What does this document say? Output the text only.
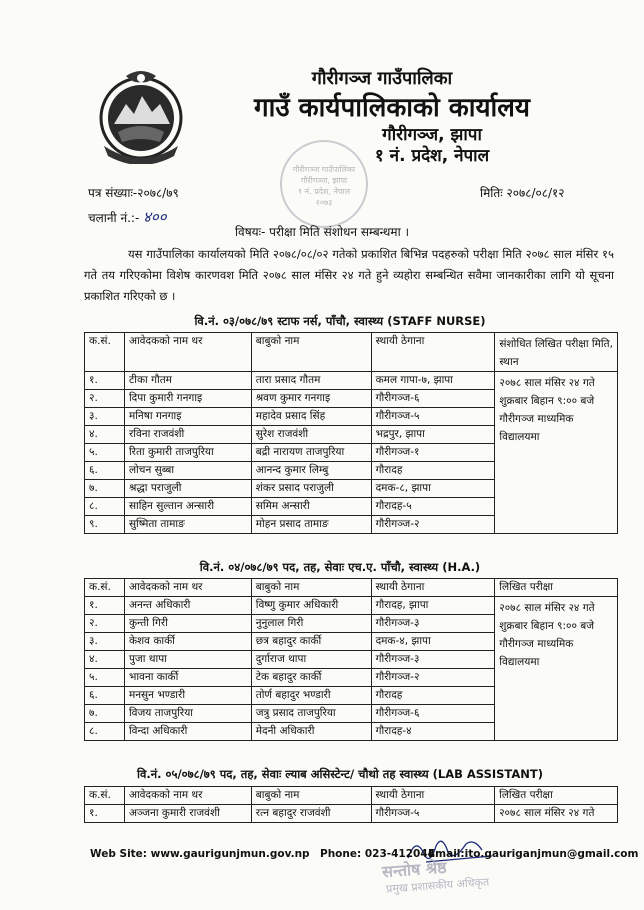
गौरीगञ्ज गाउँपालिका
गाउँ कार्यपालिकाको कार्यालय
गौरीगञ्ज, झापा
१ नं. प्रदेश, नेपाल
गौरीगञ्ज गाउँपालिका
गौरीगञ्ज, झापा
१ नं. प्रदेश, नेपाल
२०७३
पत्र संख्याः-२०७८/७९
चलानी नं.:- ४००
मितिः २०७८/०८/१२
विषयः- परीक्षा मिति संशोधन सम्बन्धमा ।
यस गाउँपालिका कार्यालयको मिति २०७८/०८/०२ गतेको प्रकाशित बिभिन्न पदहरुको परीक्षा मिति २०७८ साल मंसिर १५ गते तय गरिएकोमा विशेष कारणवश मिति २०७८ साल मंसिर २४ गते हुने व्यहोरा सम्बन्धित सवैमा जानकारीका लागि यो सूचना प्रकाशित गरिएको छ ।
वि.नं. ०३/०७८/७९ स्टाफ नर्स, पाँचौ, स्वास्थ्य (STAFF NURSE)
क.सं.	आवेदकको नाम थर	बाबुको नाम	स्थायी ठेगाना	संशोधित लिखित परीक्षा मिति, स्थान
१.	टीका गौतम	तारा प्रसाद गौतम	कमल गापा-७, झापा	२०७८ साल मंसिर २४ गते शुक्रबार बिहान ९:०० बजे गौरीगञ्ज माध्यमिक विद्यालयमा
२.	दिपा कुमारी गनगाइ	श्रवण कुमार गनगाइ	गौरीगञ्ज-६	
३.	मनिषा गनगाइ	महादेव प्रसाद सिंह	गौरीगञ्ज-५	
४.	रविना राजवंशी	सुरेश राजवंशी	भद्रपुर, झापा	
५.	रिता कुमारी ताजपुरिया	बद्री नारायण ताजपुरिया	गौरीगञ्ज-१	
६.	लोचन सुब्बा	आनन्द कुमार लिम्बु	गौरादह	
७.	श्रद्धा पराजुली	शंकर प्रसाद पराजुली	दमक-८, झापा	
८.	साहिन सुल्तान अन्सारी	समिम अन्सारी	गौरादह-५	
९.	सुष्मिता तामाङ	मोहन प्रसाद तामाङ	गौरीगञ्ज-२	
वि.नं. ०४/०७८/७९ पद, तह, सेवाः एच.ए. पाँचौ, स्वास्थ्य (H.A.)
क.सं.	आवेदकको नाम थर	बाबुको नाम	स्थायी ठेगाना	लिखित परीक्षा
१.	अनन्त अधिकारी	विष्णु कुमार अधिकारी	गौरादह, झापा	२०७८ साल मंसिर २४ गते शुक्रबार बिहान ९:०० बजे गौरीगञ्ज माध्यमिक विद्यालयमा
२.	कुन्ती गिरी	नुनुलाल गिरी	गौरीगञ्ज-३	
३.	केशव कार्की	छत्र बहादुर कार्की	दमक-४, झापा	
४.	पुजा थापा	दुर्गाराज थापा	गौरीगञ्ज-३	
५.	भावना कार्की	टेक बहादुर कार्की	गौरीगञ्ज-२	
६.	मनसुन भण्डारी	तोर्ण बहादुर भण्डारी	गौरादह	
७.	विजय ताजपुरिया	जत्रु प्रसाद ताजपुरिया	गौरीगञ्ज-६	
८.	विन्दा अधिकारी	मेदनी अधिकारी	गौरादह-४	
वि.नं. ०५/०७८/७९ पद, तह, सेवाः ल्याब असिस्टेन्ट/ चौथो तह स्वास्थ्य (LAB ASSISTANT)
क.सं.	आवेदकको नाम थर	बाबुको नाम	स्थायी ठेगाना	लिखित परीक्षा
१.	अञ्जना कुमारी राजवंशी	रत्न बहादुर राजवंशी	गौरीगञ्ज-५	२०७८ साल मंसिर २४ गते
सन्तोष श्रेष्ठ
प्रमुख प्रशासकीय अधिकृत
Web Site: www.gaurigunjmun.gov.np Phone: 023-412044
Email:ito.gauriganjmun@gmail.com
